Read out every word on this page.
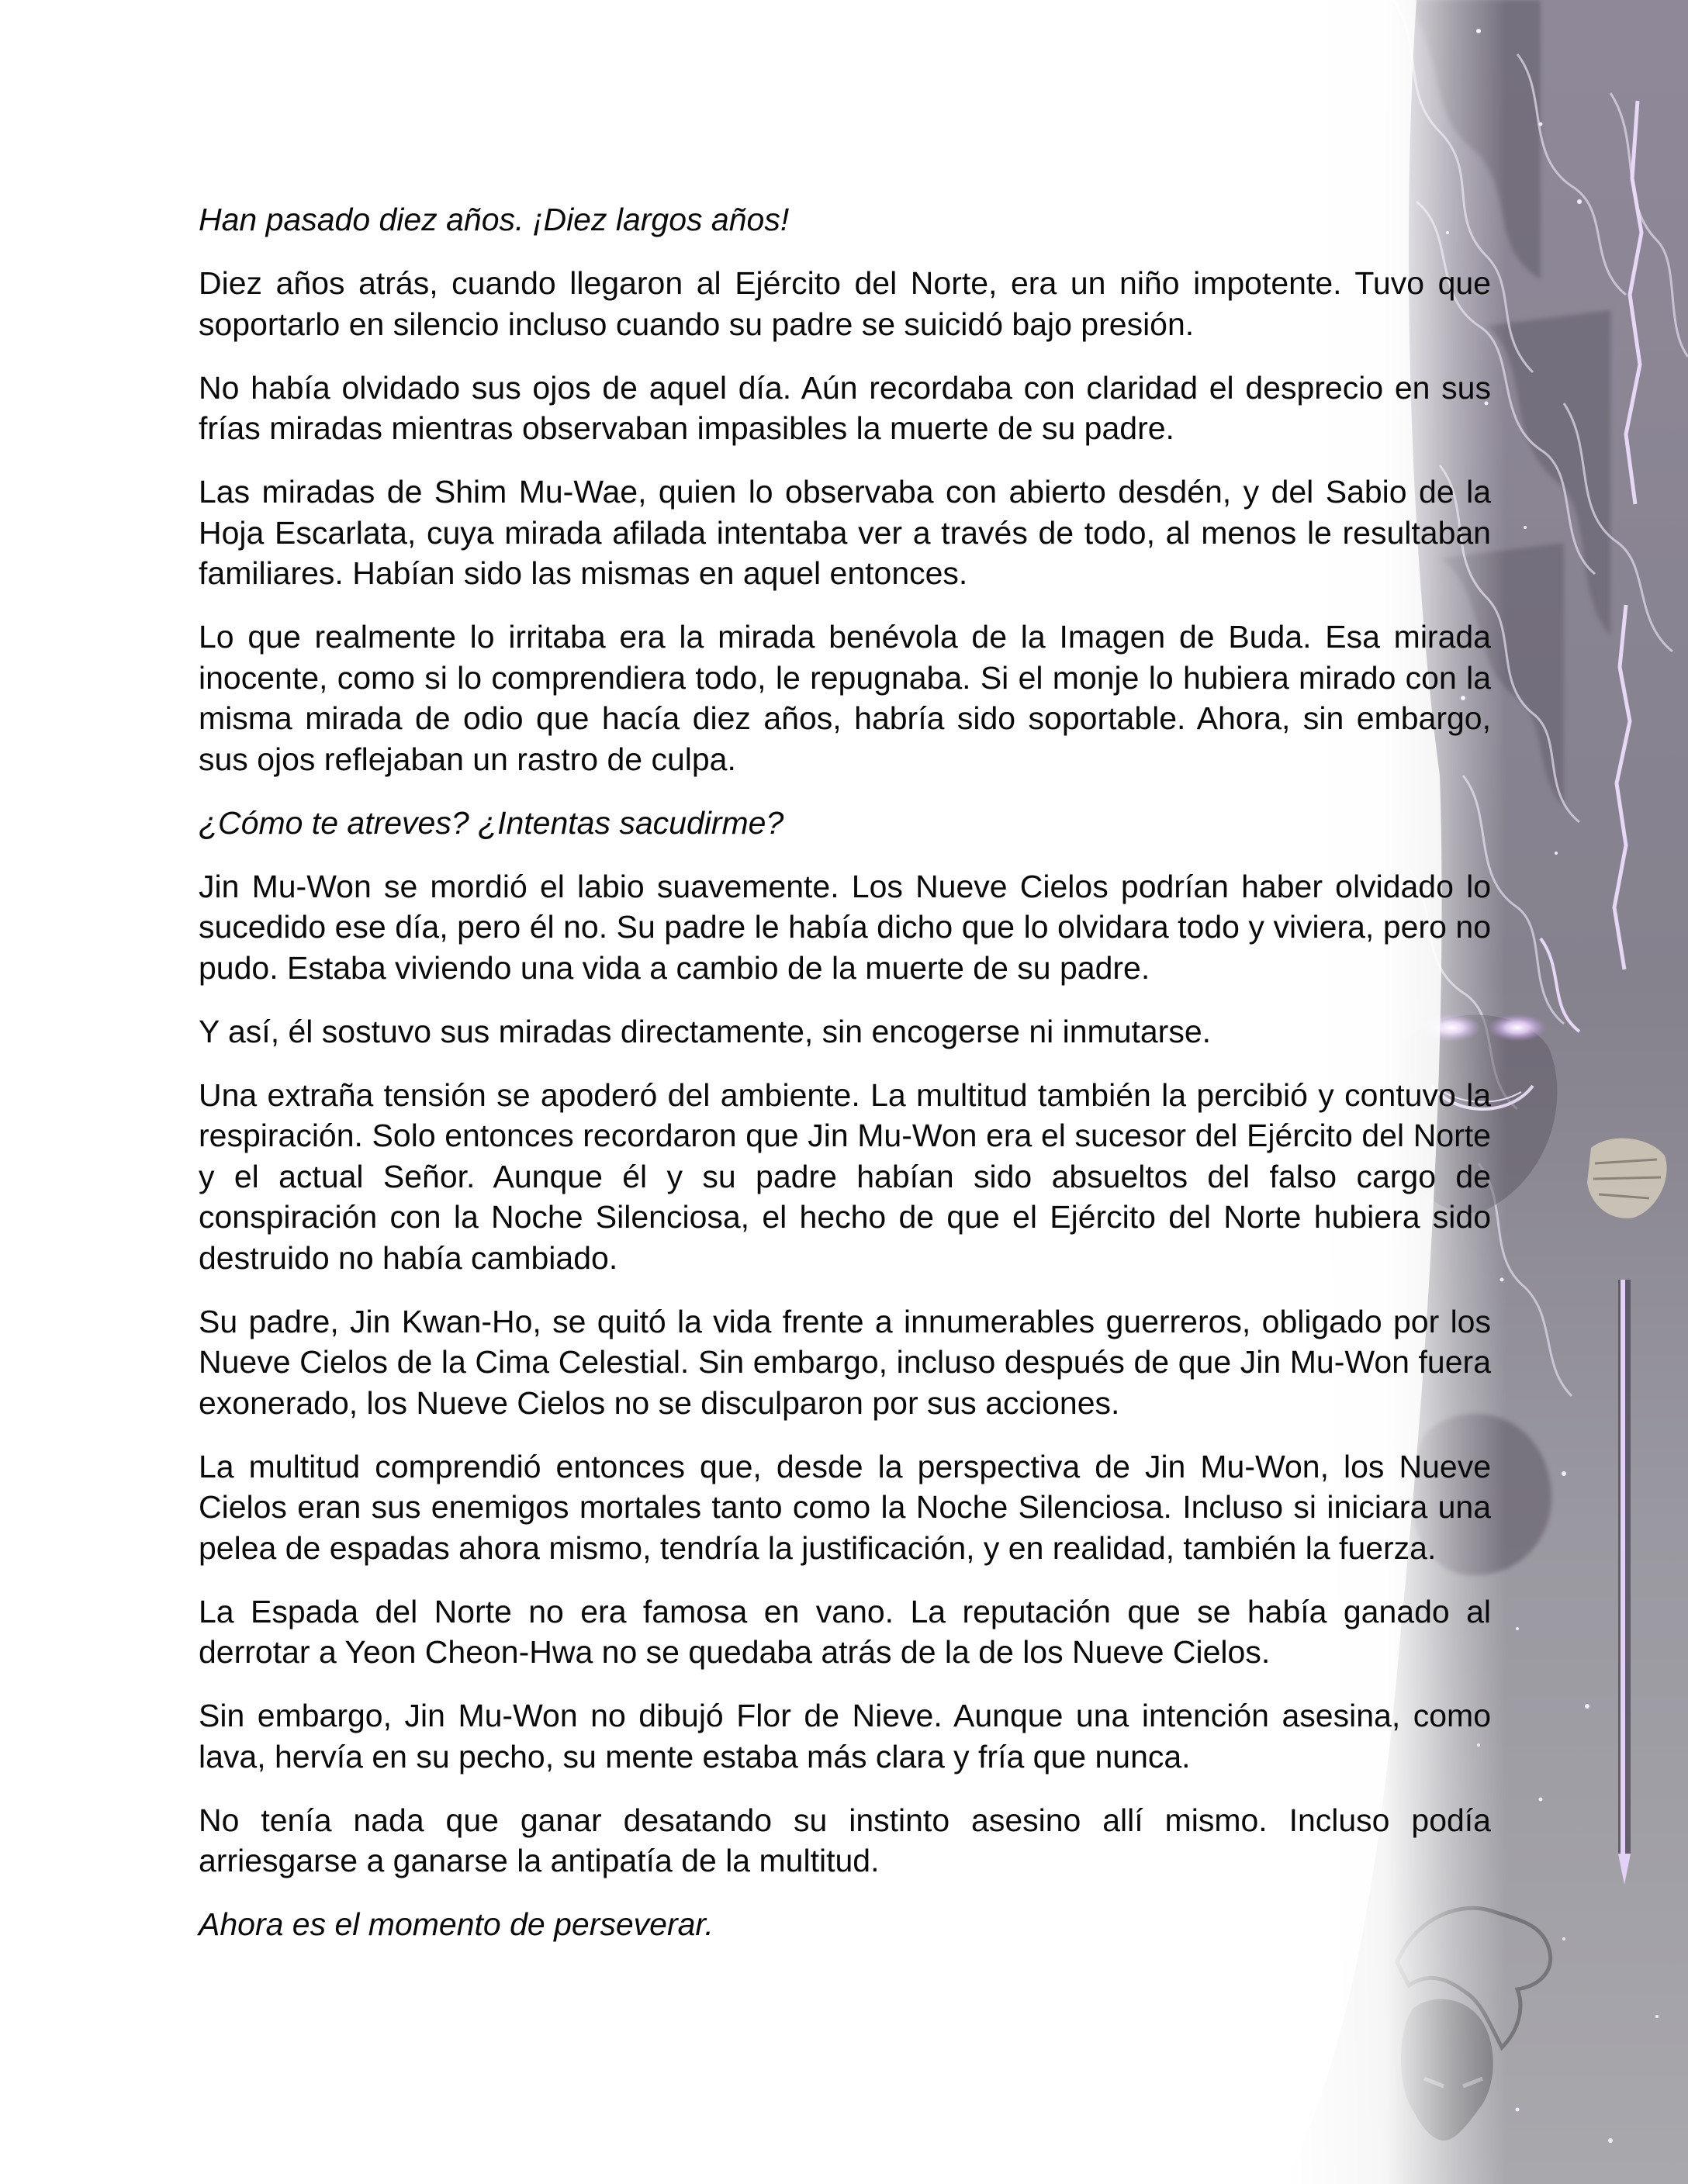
Han pasado diez años. ¡Diez largos años!

Diez años atrás, cuando llegaron al Ejército del Norte, era un niño impotente. Tuvo que soportarlo en silencio incluso cuando su padre se suicidó bajo presión.

No había olvidado sus ojos de aquel día. Aún recordaba con claridad el desprecio en sus frías miradas mientras observaban impasibles la muerte de su padre.

Las miradas de Shim Mu-Wae, quien lo observaba con abierto desdén, y del Sabio de la Hoja Escarlata, cuya mirada afilada intentaba ver a través de todo, al menos le resultaban familiares. Habían sido las mismas en aquel entonces.

Lo que realmente lo irritaba era la mirada benévola de la Imagen de Buda. Esa mirada inocente, como si lo comprendiera todo, le repugnaba. Si el monje lo hubiera mirado con la misma mirada de odio que hacía diez años, habría sido soportable. Ahora, sin embargo, sus ojos reflejaban un rastro de culpa.

¿Cómo te atreves? ¿Intentas sacudirme?

Jin Mu-Won se mordió el labio suavemente. Los Nueve Cielos podrían haber olvidado lo sucedido ese día, pero él no. Su padre le había dicho que lo olvidara todo y viviera, pero no pudo. Estaba viviendo una vida a cambio de la muerte de su padre.

Y así, él sostuvo sus miradas directamente, sin encogerse ni inmutarse.

Una extraña tensión se apoderó del ambiente. La multitud también la percibió y contuvo la respiración. Solo entonces recordaron que Jin Mu-Won era el sucesor del Ejército del Norte y el actual Señor. Aunque él y su padre habían sido absueltos del falso cargo de conspiración con la Noche Silenciosa, el hecho de que el Ejército del Norte hubiera sido destruido no había cambiado.

Su padre, Jin Kwan-Ho, se quitó la vida frente a innumerables guerreros, obligado por los Nueve Cielos de la Cima Celestial. Sin embargo, incluso después de que Jin Mu-Won fuera exonerado, los Nueve Cielos no se disculparon por sus acciones.

La multitud comprendió entonces que, desde la perspectiva de Jin Mu-Won, los Nueve Cielos eran sus enemigos mortales tanto como la Noche Silenciosa. Incluso si iniciara una pelea de espadas ahora mismo, tendría la justificación, y en realidad, también la fuerza.

La Espada del Norte no era famosa en vano. La reputación que se había ganado al derrotar a Yeon Cheon-Hwa no se quedaba atrás de la de los Nueve Cielos.

Sin embargo, Jin Mu-Won no dibujó Flor de Nieve. Aunque una intención asesina, como lava, hervía en su pecho, su mente estaba más clara y fría que nunca.

No tenía nada que ganar desatando su instinto asesino allí mismo. Incluso podía arriesgarse a ganarse la antipatía de la multitud.

Ahora es el momento de perseverar.
